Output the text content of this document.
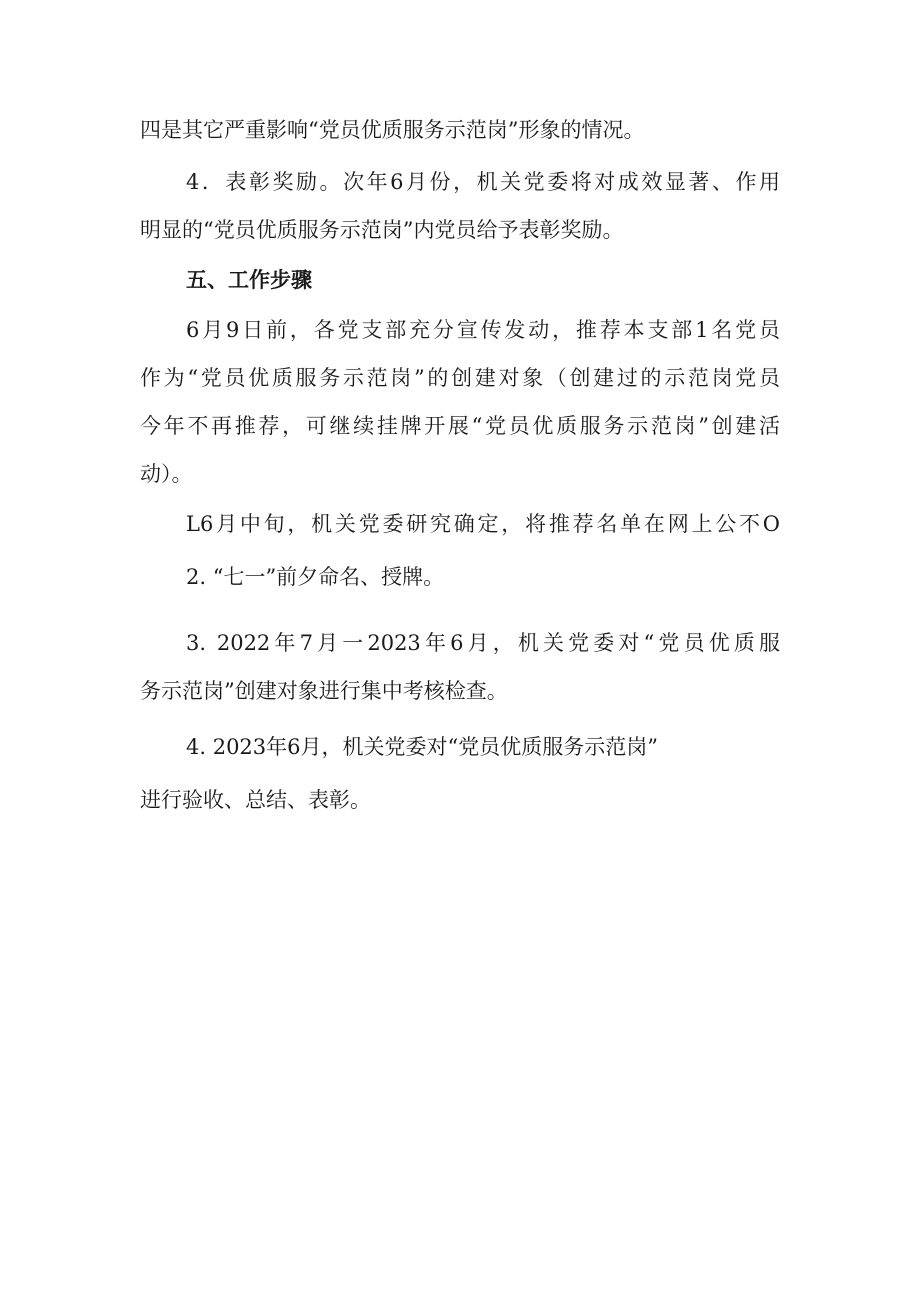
四是其它严重影响“党员优质服务示范岗”形象的情况。
4．表彰奖励。次年6月份，机关党委将对成效显著、作用
明显的“党员优质服务示范岗”内党员给予表彰奖励。
五、工作步骤
6月9日前，各党支部充分宣传发动，推荐本支部1名党员
作为“党员优质服务示范岗”的创建对象（创建过的示范岗党员
今年不再推荐，可继续挂牌开展“党员优质服务示范岗”创建活
动）。
L6月中旬，机关党委研究确定，将推荐名单在网上公不O
2. “七一”前夕命名、授牌。
3. 2022年7月一2023年6月，机关党委对“党员优质服
务示范岗”创建对象进行集中考核检查。
4. 2023年6月，机关党委对“党员优质服务示范岗”
进行验收、总结、表彰。
